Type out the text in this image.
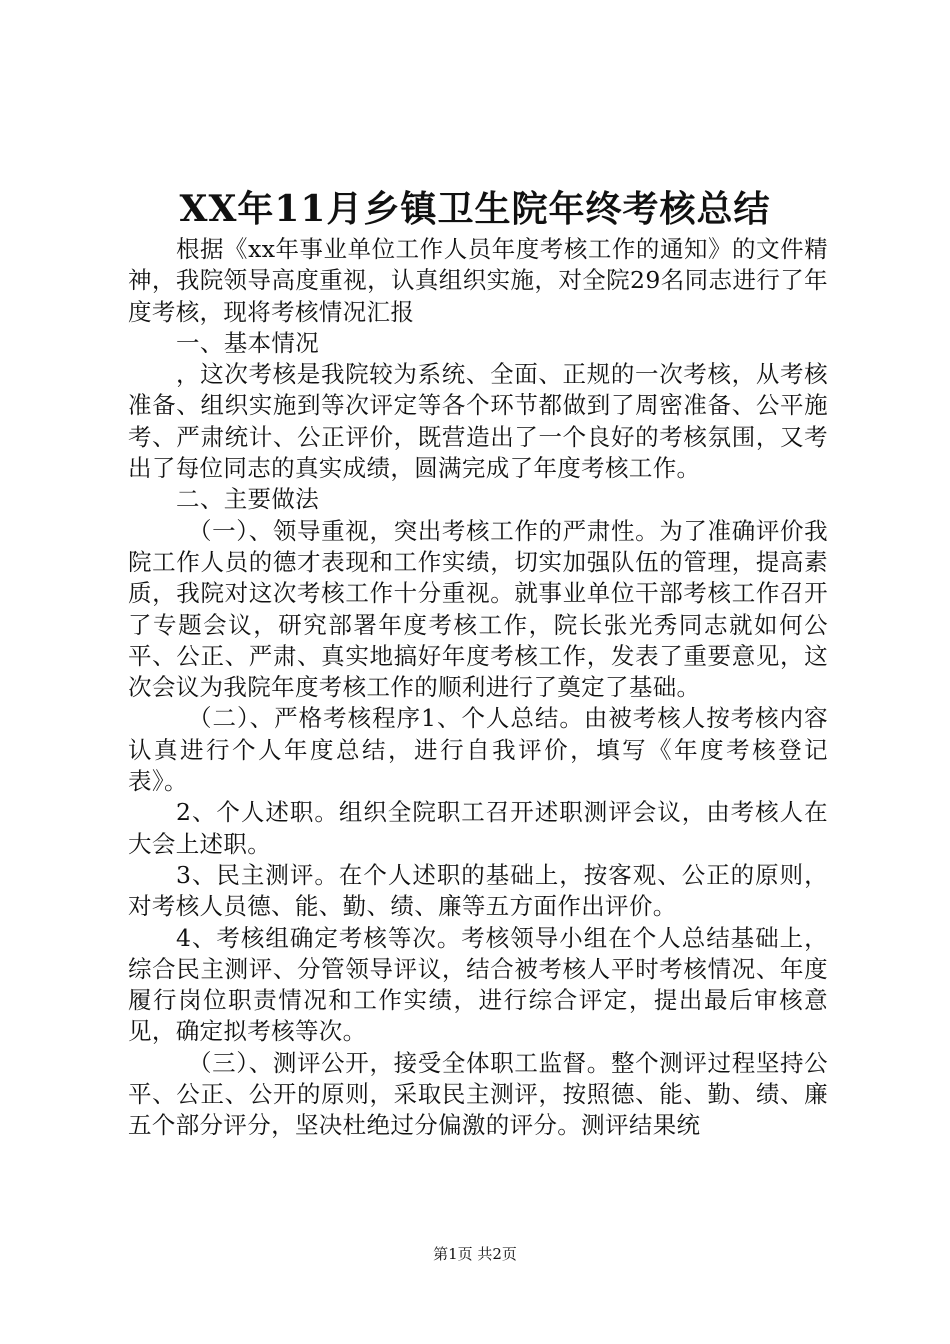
XX年11月乡镇卫生院年终考核总结

根据《xx年事业单位工作人员年度考核工作的通知》的文件精神，我院领导高度重视，认真组织实施，对全院29名同志进行了年度考核，现将考核情况汇报

一、基本情况

，这次考核是我院较为系统、全面、正规的一次考核，从考核准备、组织实施到等次评定等各个环节都做到了周密准备、公平施考、严肃统计、公正评价，既营造出了一个良好的考核氛围，又考出了每位同志的真实成绩，圆满完成了年度考核工作。

二、主要做法

（一）、领导重视，突出考核工作的严肃性。为了准确评价我院工作人员的德才表现和工作实绩，切实加强队伍的管理，提高素质，我院对这次考核工作十分重视。就事业单位干部考核工作召开了专题会议，研究部署年度考核工作，院长张光秀同志就如何公平、公正、严肃、真实地搞好年度考核工作，发表了重要意见，这次会议为我院年度考核工作的顺利进行了奠定了基础。

（二）、严格考核程序1、个人总结。由被考核人按考核内容认真进行个人年度总结，进行自我评价，填写《年度考核登记表》。

2、个人述职。组织全院职工召开述职测评会议，由考核人在大会上述职。

3、民主测评。在个人述职的基础上，按客观、公正的原则，对考核人员德、能、勤、绩、廉等五方面作出评价。

4、考核组确定考核等次。考核领导小组在个人总结基础上，综合民主测评、分管领导评议，结合被考核人平时考核情况、年度履行岗位职责情况和工作实绩，进行综合评定，提出最后审核意见，确定拟考核等次。

（三）、测评公开，接受全体职工监督。整个测评过程坚持公平、公正、公开的原则，采取民主测评，按照德、能、勤、绩、廉五个部分评分，坚决杜绝过分偏激的评分。测评结果统

第1页 共2页
